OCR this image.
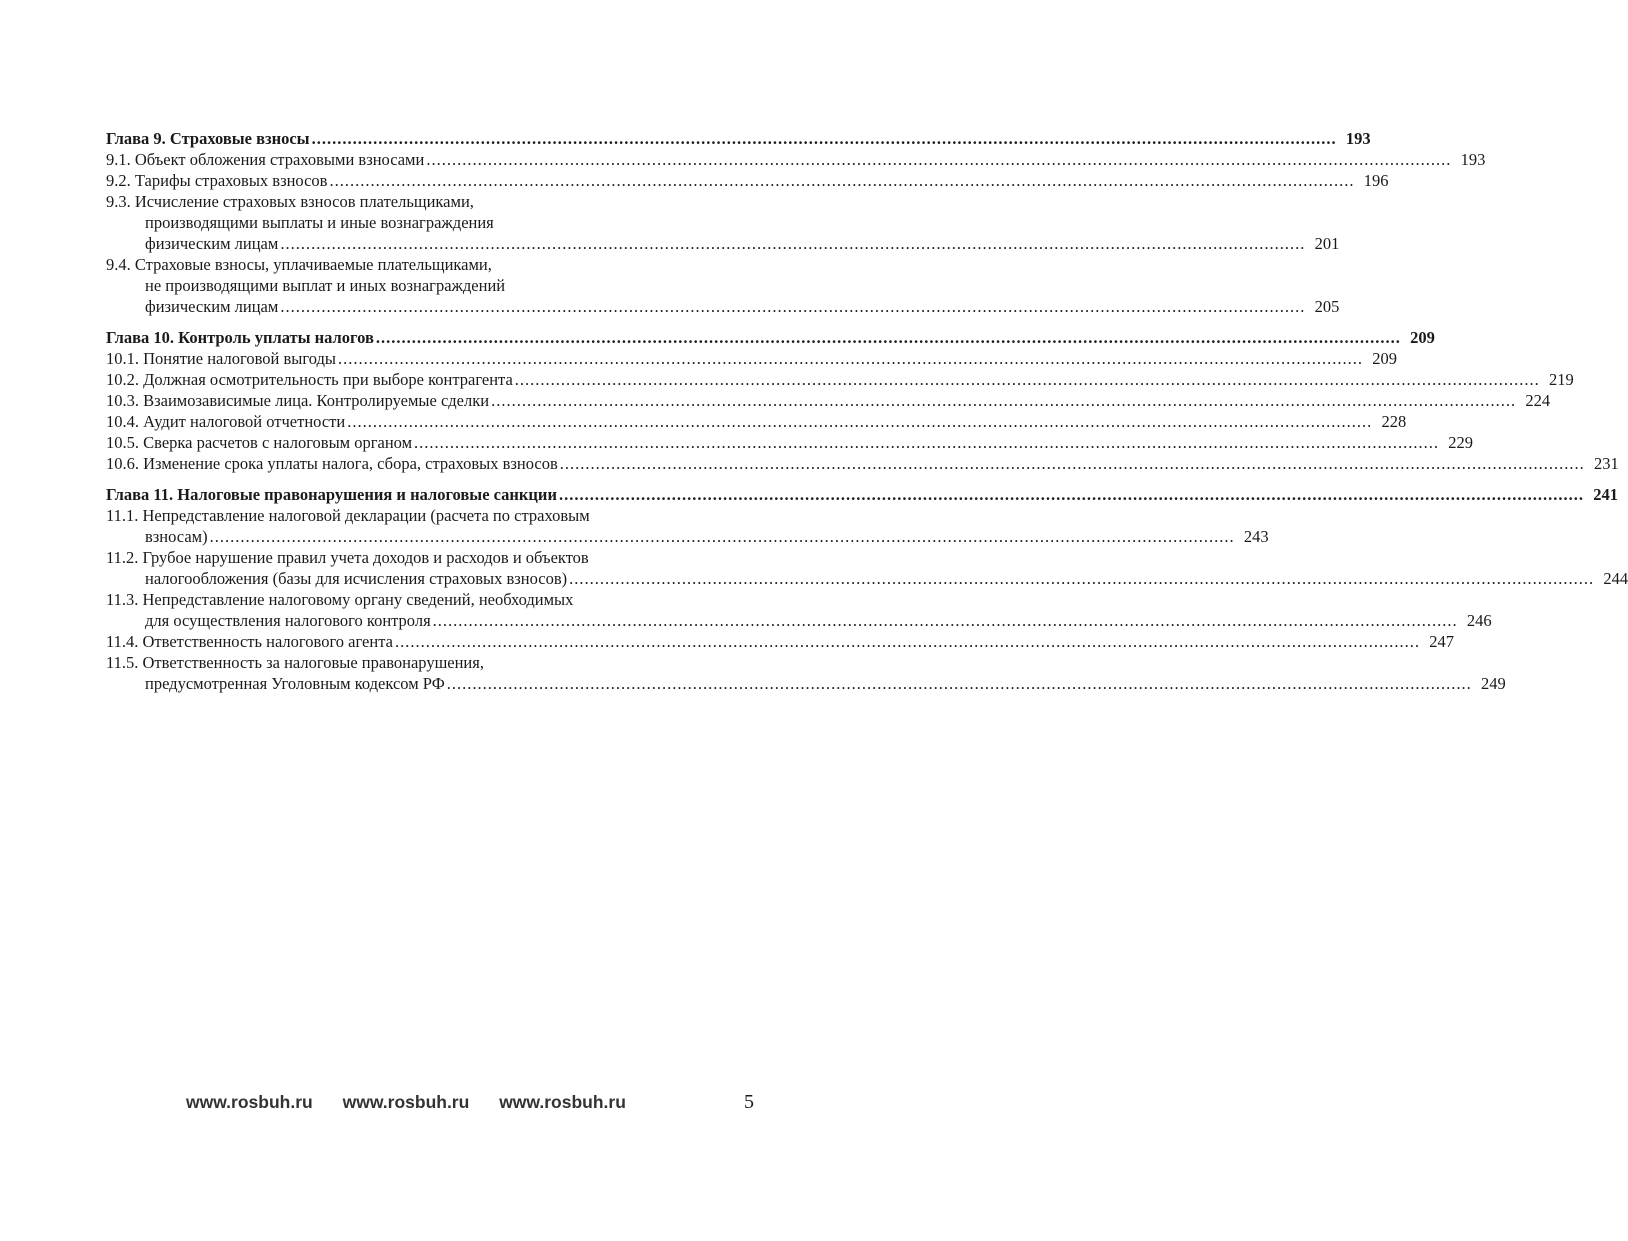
Глава 9. Страховые взносы ........................................................................................................................................................................................................ 193
9.1. Объект обложения страховыми взносами ........................................................................................................................................................................................................ 193
9.2. Тарифы страховых взносов ........................................................................................................................................................................................................ 196
9.3. Исчисление страховых взносов плательщиками,
производящими выплаты и иные вознаграждения
физическим лицам ........................................................................................................................................................................................................ 201
9.4. Страховые взносы, уплачиваемые плательщиками,
не производящими выплат и иных вознаграждений
физическим лицам ........................................................................................................................................................................................................ 205
Глава 10. Контроль уплаты налогов ........................................................................................................................................................................................................ 209
10.1. Понятие налоговой выгоды ........................................................................................................................................................................................................ 209
10.2. Должная осмотрительность при выборе контрагента ........................................................................................................................................................................................................ 219
10.3. Взаимозависимые лица. Контролируемые сделки ........................................................................................................................................................................................................ 224
10.4. Аудит налоговой отчетности ........................................................................................................................................................................................................ 228
10.5. Сверка расчетов с налоговым органом ........................................................................................................................................................................................................ 229
10.6. Изменение срока уплаты налога, сбора, страховых взносов ........................................................................................................................................................................................................ 231
Глава 11. Налоговые правонарушения и налоговые санкции ........................................................................................................................................................................................................ 241
11.1. Непредставление налоговой декларации (расчета по страховым
взносам) ........................................................................................................................................................................................................ 243
11.2. Грубое нарушение правил учета доходов и расходов и объектов
налогообложения (базы для исчисления страховых взносов) ........................................................................................................................................................................................................ 244
11.3. Непредставление налоговому органу сведений, необходимых
для осуществления налогового контроля ........................................................................................................................................................................................................ 246
11.4. Ответственность налогового агента ........................................................................................................................................................................................................ 247
11.5. Ответственность за налоговые правонарушения,
предусмотренная Уголовным кодексом РФ ........................................................................................................................................................................................................ 249
www.rosbuh.ru www.rosbuh.ru www.rosbuh.ru	5
